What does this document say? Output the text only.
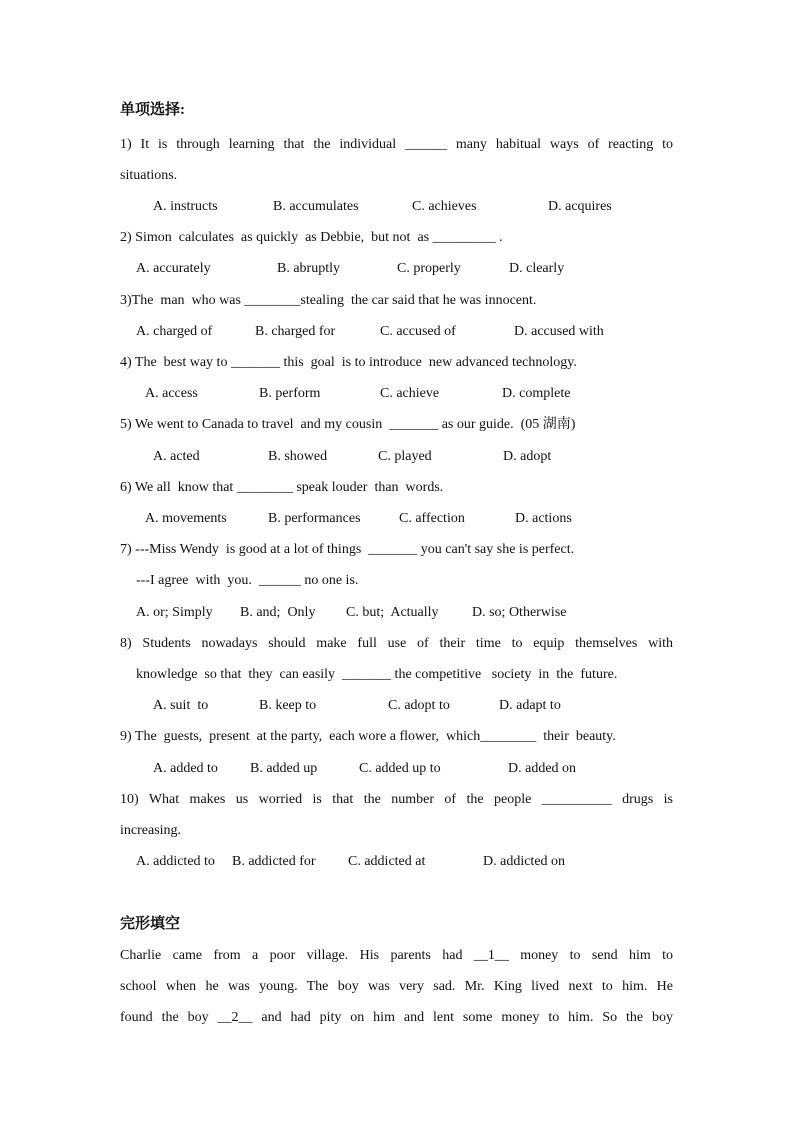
单项选择:
1) It is through learning that the individual ______ many habitual ways of reacting to
situations.
A. instructs	B. accumulates	C. achieves	D. acquires
2) Simon  calculates  as quickly  as Debbie,  but not  as _________ .
A. accurately	B. abruptly	C. properly	D. clearly
3)The  man  who was ________stealing  the car said that he was innocent.
A. charged of	B. charged for	C. accused of	D. accused with
4) The  best way to _______ this  goal  is to introduce  new advanced technology.
A. access	B. perform	C. achieve	D. complete
5) We went to Canada to travel  and my cousin  _______ as our guide.  (05 湖南)
A. acted	B. showed	C. played	D. adopt
6) We all  know that ________ speak louder  than  words.
A. movements	B. performances	C. affection	D. actions
7) ---Miss Wendy  is good at a lot of things  _______ you can't say she is perfect.
---I agree  with  you.  ______ no one is.
A. or; Simply B. and;  Only C. but;  Actually D. so; Otherwise
8) Students nowadays should make full use of their time to equip themselves with
knowledge  so that  they  can easily  _______ the competitive   society  in  the  future.
A. suit  to	B. keep to	C. adopt to	D. adapt to
9) The  guests,  present  at the party,  each wore a flower,  which________  their  beauty.
A. added to B. added up	C. added up to	D. added on
10) What makes us worried is that the number of the people __________ drugs is
increasing.
A. addicted to B. addicted for C. addicted at	D. addicted on
完形填空
Charlie came from a poor village. His parents had __1__ money to send him to
school when he was young. The boy was very sad. Mr. King lived next to him. He
found the boy __2__ and had pity on him and lent some money to him. So the boy
